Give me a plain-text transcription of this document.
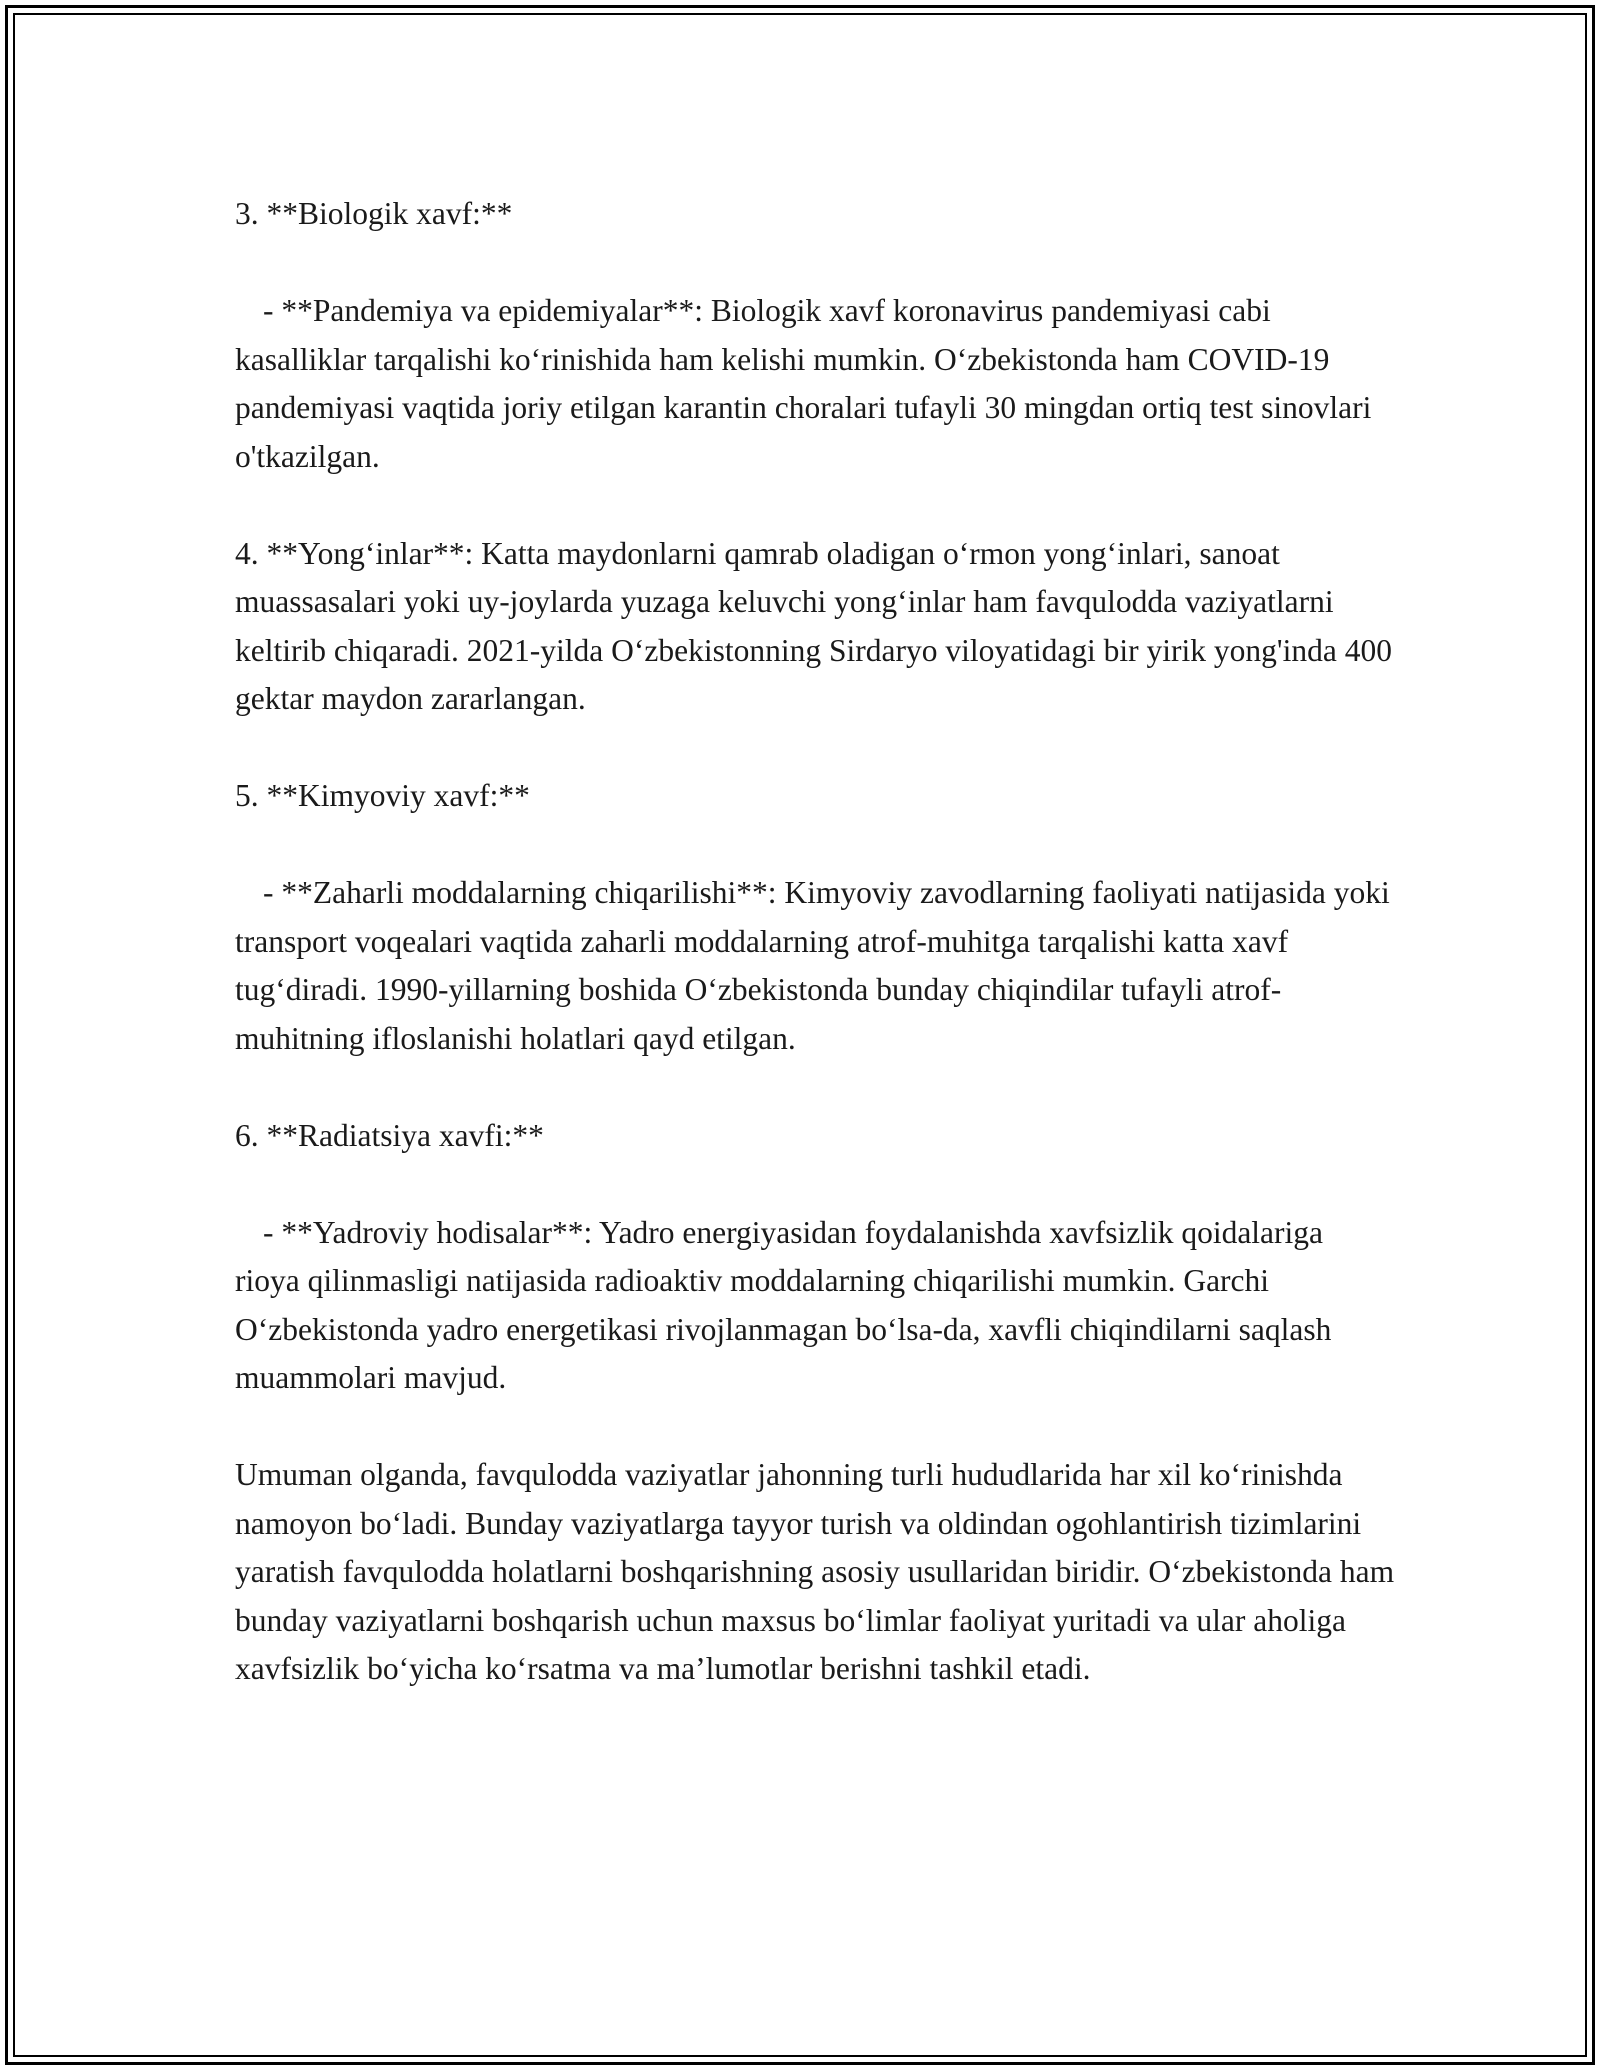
3. **Biologik xavf:**

- **Pandemiya va epidemiyalar**: Biologik xavf koronavirus pandemiyasi cabi kasalliklar tarqalishi ko‘rinishida ham kelishi mumkin. O‘zbekistonda ham COVID-19 pandemiyasi vaqtida joriy etilgan karantin choralari tufayli 30 mingdan ortiq test sinovlari o'tkazilgan.

4. **Yong‘inlar**: Katta maydonlarni qamrab oladigan o‘rmon yong‘inlari, sanoat muassasalari yoki uy-joylarda yuzaga keluvchi yong‘inlar ham favqulodda vaziyatlarni keltirib chiqaradi. 2021-yilda O‘zbekistonning Sirdaryo viloyatidagi bir yirik yong'inda 400 gektar maydon zararlangan.

5. **Kimyoviy xavf:**

- **Zaharli moddalarning chiqarilishi**: Kimyoviy zavodlarning faoliyati natijasida yoki transport voqealari vaqtida zaharli moddalarning atrof-muhitga tarqalishi katta xavf tug‘diradi. 1990-yillarning boshida O‘zbekistonda bunday chiqindilar tufayli atrof-muhitning ifloslanishi holatlari qayd etilgan.

6. **Radiatsiya xavfi:**

- **Yadroviy hodisalar**: Yadro energiyasidan foydalanishda xavfsizlik qoidalariga rioya qilinmasligi natijasida radioaktiv moddalarning chiqarilishi mumkin. Garchi O‘zbekistonda yadro energetikasi rivojlanmagan bo‘lsa-da, xavfli chiqindilarni saqlash muammolari mavjud.

Umuman olganda, favqulodda vaziyatlar jahonning turli hududlarida har xil ko‘rinishda namoyon bo‘ladi. Bunday vaziyatlarga tayyor turish va oldindan ogohlantirish tizimlarini yaratish favqulodda holatlarni boshqarishning asosiy usullaridan biridir. O‘zbekistonda ham bunday vaziyatlarni boshqarish uchun maxsus bo‘limlar faoliyat yuritadi va ular aholiga xavfsizlik bo‘yicha ko‘rsatma va ma’lumotlar berishni tashkil etadi.
